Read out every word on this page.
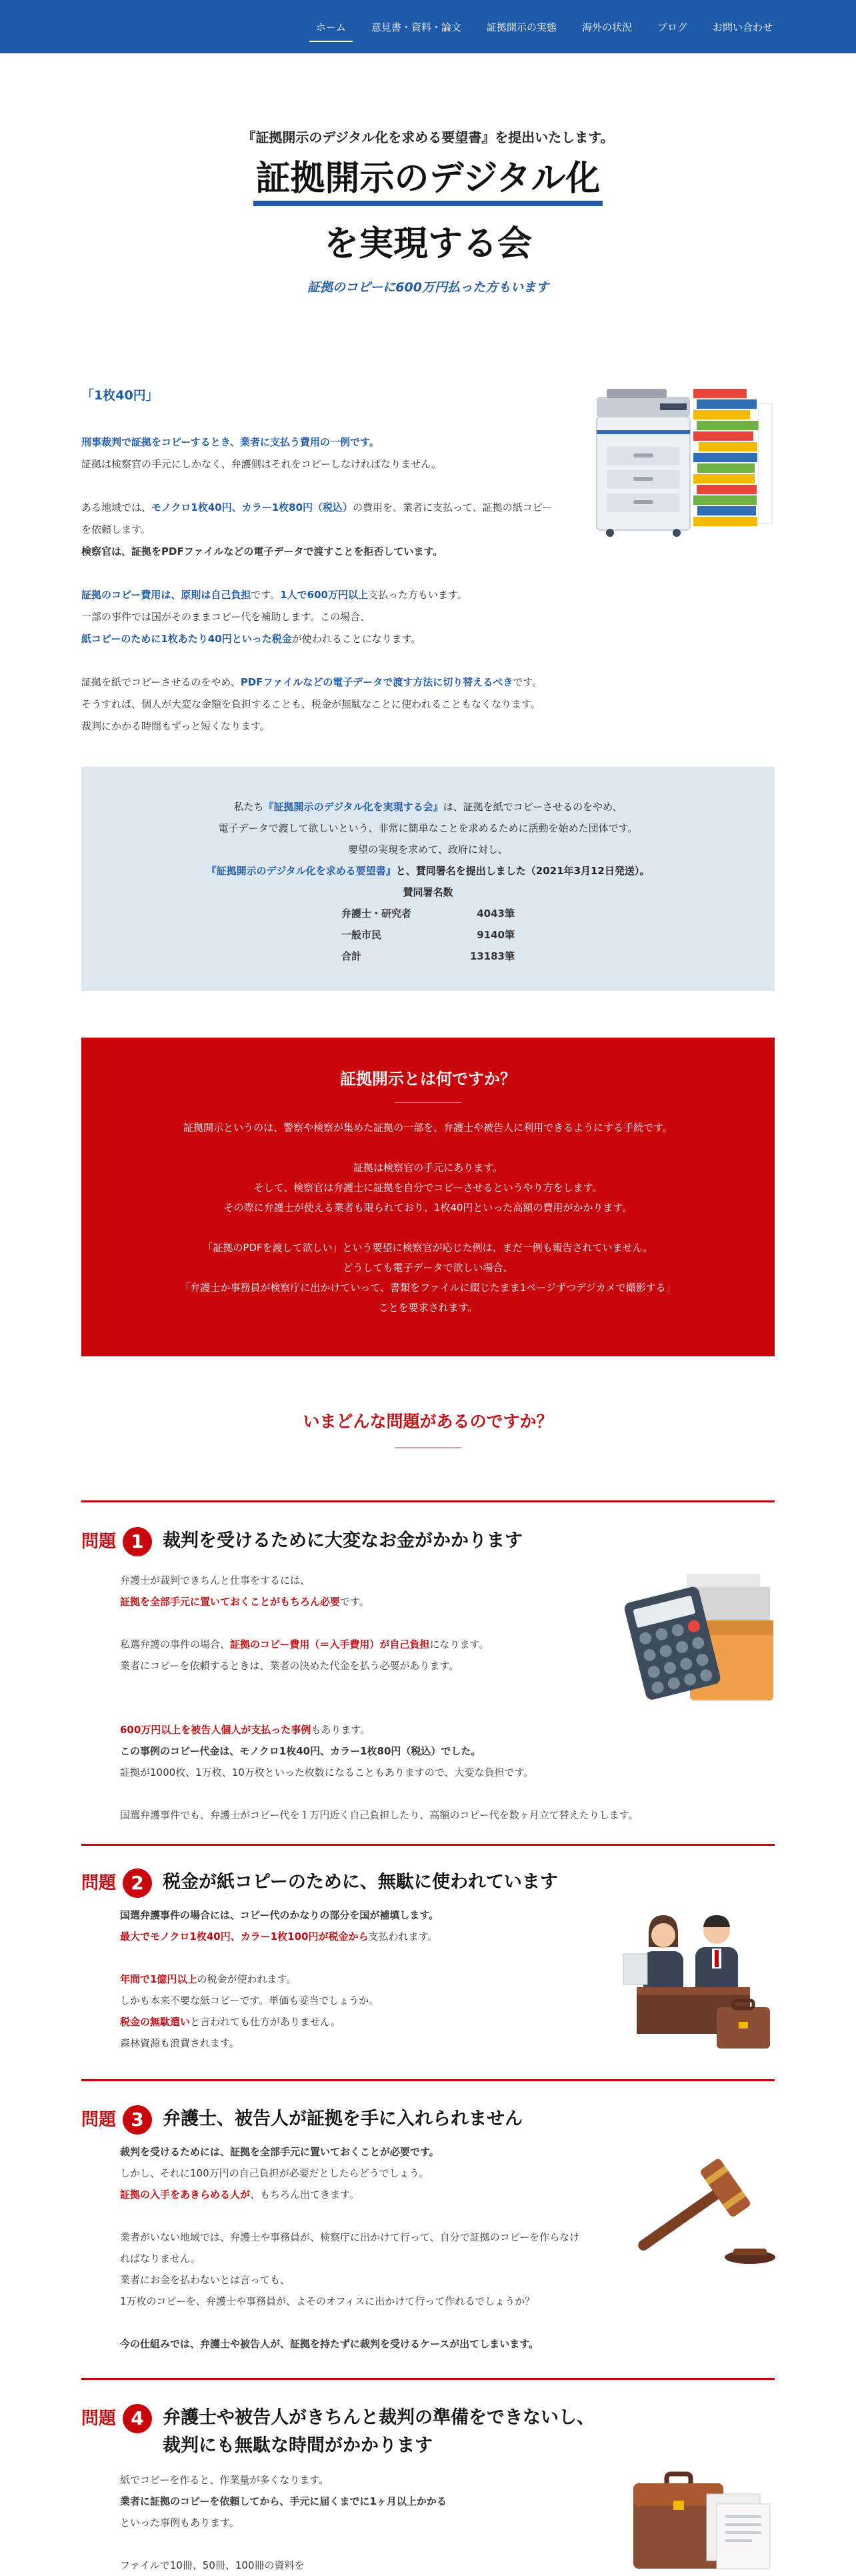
ホーム	意見書・資料・論文	証拠開示の実態	海外の状況	ブログ	お問い合わせ
『証拠開示のデジタル化を求める要望書』を提出いたします。
証拠開示のデジタル化
を実現する会
証拠のコピーに600万円払った方もいます
「1枚40円」

刑事裁判で証拠をコピーするとき、業者に支払う費用の一例です。

証拠は検察官の手元にしかなく、弁護側はそれをコピーしなければなりません。

ある地域では、モノクロ1枚40円、カラー1枚80円（税込）の費用を、業者に支払って、証拠の紙コピー

を依頼します。

検察官は、証拠をPDFファイルなどの電子データで渡すことを拒否しています。

証拠のコピー費用は、原則は自己負担です。1人で600万円以上支払った方もいます。

一部の事件では国がそのままコピー代を補助します。この場合、

紙コピーのために1枚あたり40円といった税金が使われることになります。

証拠を紙でコピーさせるのをやめ、PDFファイルなどの電子データで渡す方法に切り替えるべきです。

そうすれば、個人が大変な金額を負担することも、税金が無駄なことに使われることもなくなります。

裁判にかかる時間もずっと短くなります。

私たち『証拠開示のデジタル化を実現する会』は、証拠を紙でコピーさせるのをやめ、

電子データで渡して欲しいという、非常に簡単なことを求めるために活動を始めた団体です。

要望の実現を求めて、政府に対し、

『証拠開示のデジタル化を求める要望書』と、賛同署名を提出しました（2021年3月12日発送）。

賛同署名数

弁護士・研究者	4043筆
一般市民	9140筆
合計	13183筆
証拠開示とは何ですか？

証拠開示というのは、警察や検察が集めた証拠の一部を、弁護士や被告人に利用できるようにする手続です。

証拠は検察官の手元にあります。

そして、検察官は弁護士に証拠を自分でコピーさせるというやり方をします。

その際に弁護士が使える業者も限られており、1枚40円といった高額の費用がかかります。

「証拠のPDFを渡して欲しい」という要望に検察官が応じた例は、まだ一例も報告されていません。

どうしても電子データで欲しい場合、

「弁護士か事務員が検察庁に出かけていって、書類をファイルに綴じたまま1ページずつデジカメで撮影する」

ことを要求されます。

いまどんな問題があるのですか？
問題 1	裁判を受けるために大変なお金がかかります

弁護士が裁判できちんと仕事をするには、

証拠を全部手元に置いておくことがもちろん必要です。

私選弁護の事件の場合、証拠のコピー費用（＝入手費用）が自己負担になります。

業者にコピーを依頼するときは、業者の決めた代金を払う必要があります。

600万円以上を被告人個人が支払った事例もあります。

この事例のコピー代金は、モノクロ1枚40円、カラー1枚80円（税込）でした。

証拠が1000枚、1万枚、10万枚といった枚数になることもありますので、大変な負担です。

国選弁護事件でも、弁護士がコピー代を１万円近く自己負担したり、高額のコピー代を数ヶ月立て替えたりします。

問題 2	税金が紙コピーのために、無駄に使われています

国選弁護事件の場合には、コピー代のかなりの部分を国が補填します。

最大でモノクロ1枚40円、カラー1枚100円が税金から支払われます。

年間で1億円以上の税金が使われます。

しかも本来不要な紙コピーです。単価も妥当でしょうか。

税金の無駄遣いと言われても仕方がありません。

森林資源も浪費されます。

問題 3	弁護士、被告人が証拠を手に入れられません

裁判を受けるためには、証拠を全部手元に置いておくことが必要です。

しかし、それに100万円の自己負担が必要だとしたらどうでしょう。

証拠の入手をあきらめる人が、もちろん出てきます。

業者がいない地域では、弁護士や事務員が、検察庁に出かけて行って、自分で証拠のコピーを作らなけ

ればなりません。

業者にお金を払わないとは言っても、

1万枚のコピーを、弁護士や事務員が、よそのオフィスに出かけて行って作れるでしょうか？

今の仕組みでは、弁護士や被告人が、証拠を持たずに裁判を受けるケースが出てしまいます。

問題 4	弁護士や被告人がきちんと裁判の準備をできないし、
裁判にも無駄な時間がかかります

紙でコピーを作ると、作業量が多くなります。

業者に証拠のコピーを依頼してから、手元に届くまでに1ヶ月以上かかる

といった事例もあります。

ファイルで10冊、50冊、100冊の資料を
